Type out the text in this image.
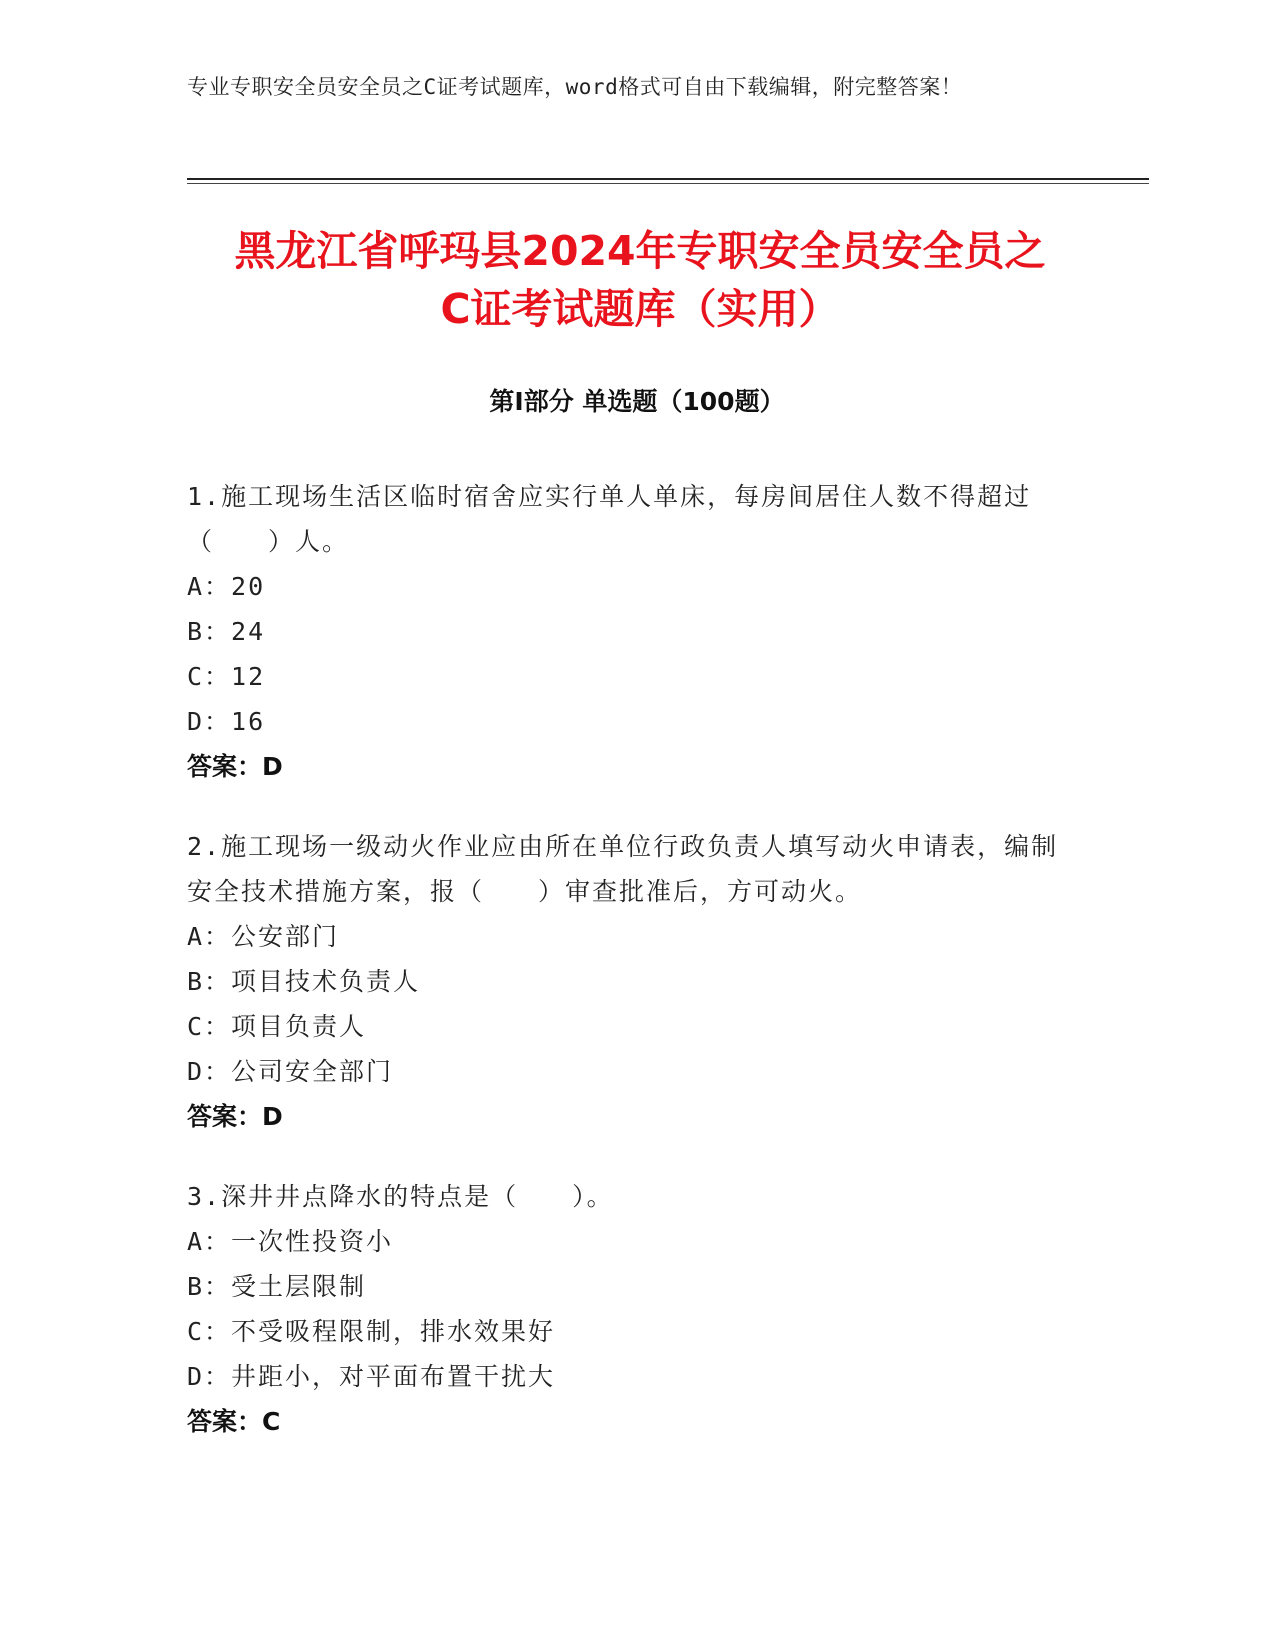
专业专职安全员安全员之C证考试题库，word格式可自由下载编辑，附完整答案！
黑龙江省呼玛县2024年专职安全员安全员之
C证考试题库（实用）
第Ⅰ部分 单选题（100题）

1.施工现场生活区临时宿舍应实行单人单床，每房间居住人数不得超过（　　）人。

A：20

B：24

C：12

D：16

答案：D

2.施工现场一级动火作业应由所在单位行政负责人填写动火申请表，编制安全技术措施方案，报（　　）审查批准后，方可动火。

A：公安部门

B：项目技术负责人

C：项目负责人

D：公司安全部门

答案：D

3.深井井点降水的特点是（　　）。

A：一次性投资小

B：受土层限制

C：不受吸程限制，排水效果好

D：井距小，对平面布置干扰大

答案：C
